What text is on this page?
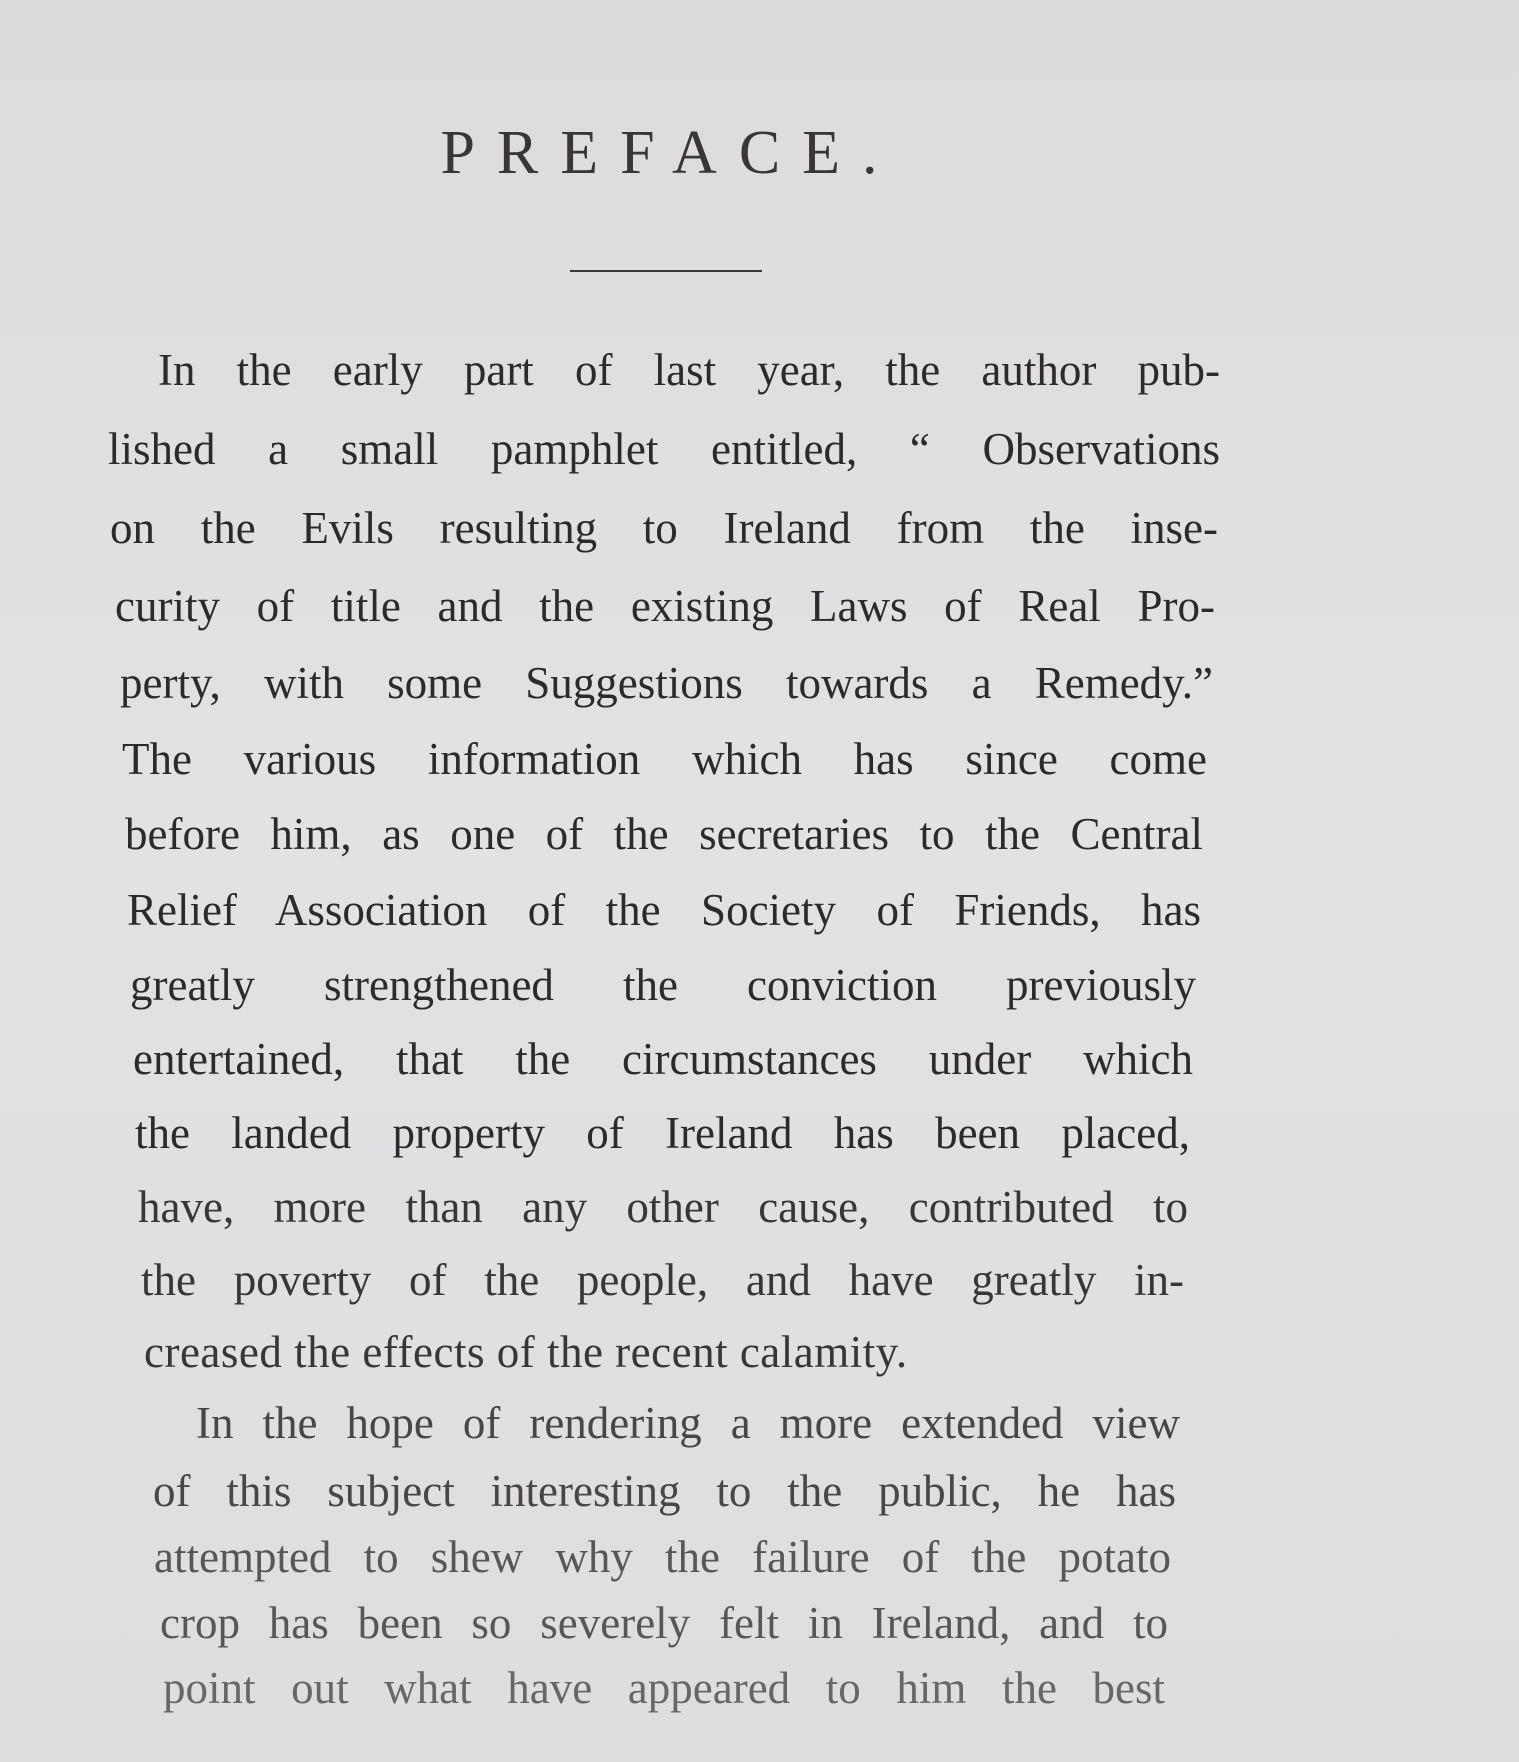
PREFACE.

In the early part of last year, the author pub-

lished a small pamphlet entitled, “ Observations

on the Evils resulting to Ireland from the inse-

curity of title and the existing Laws of Real Pro-

perty, with some Suggestions towards a Remedy.”

The various information which has since come

before him, as one of the secretaries to the Central

Relief Association of the Society of Friends, has

greatly strengthened the conviction previously

entertained, that the circumstances under which

the landed property of Ireland has been placed,

have, more than any other cause, contributed to

the poverty of the people, and have greatly in-

creased the effects of the recent calamity.

In the hope of rendering a more extended view

of this subject interesting to the public, he has

attempted to shew why the failure of the potato

crop has been so severely felt in Ireland, and to

point out what have appeared to him the best
